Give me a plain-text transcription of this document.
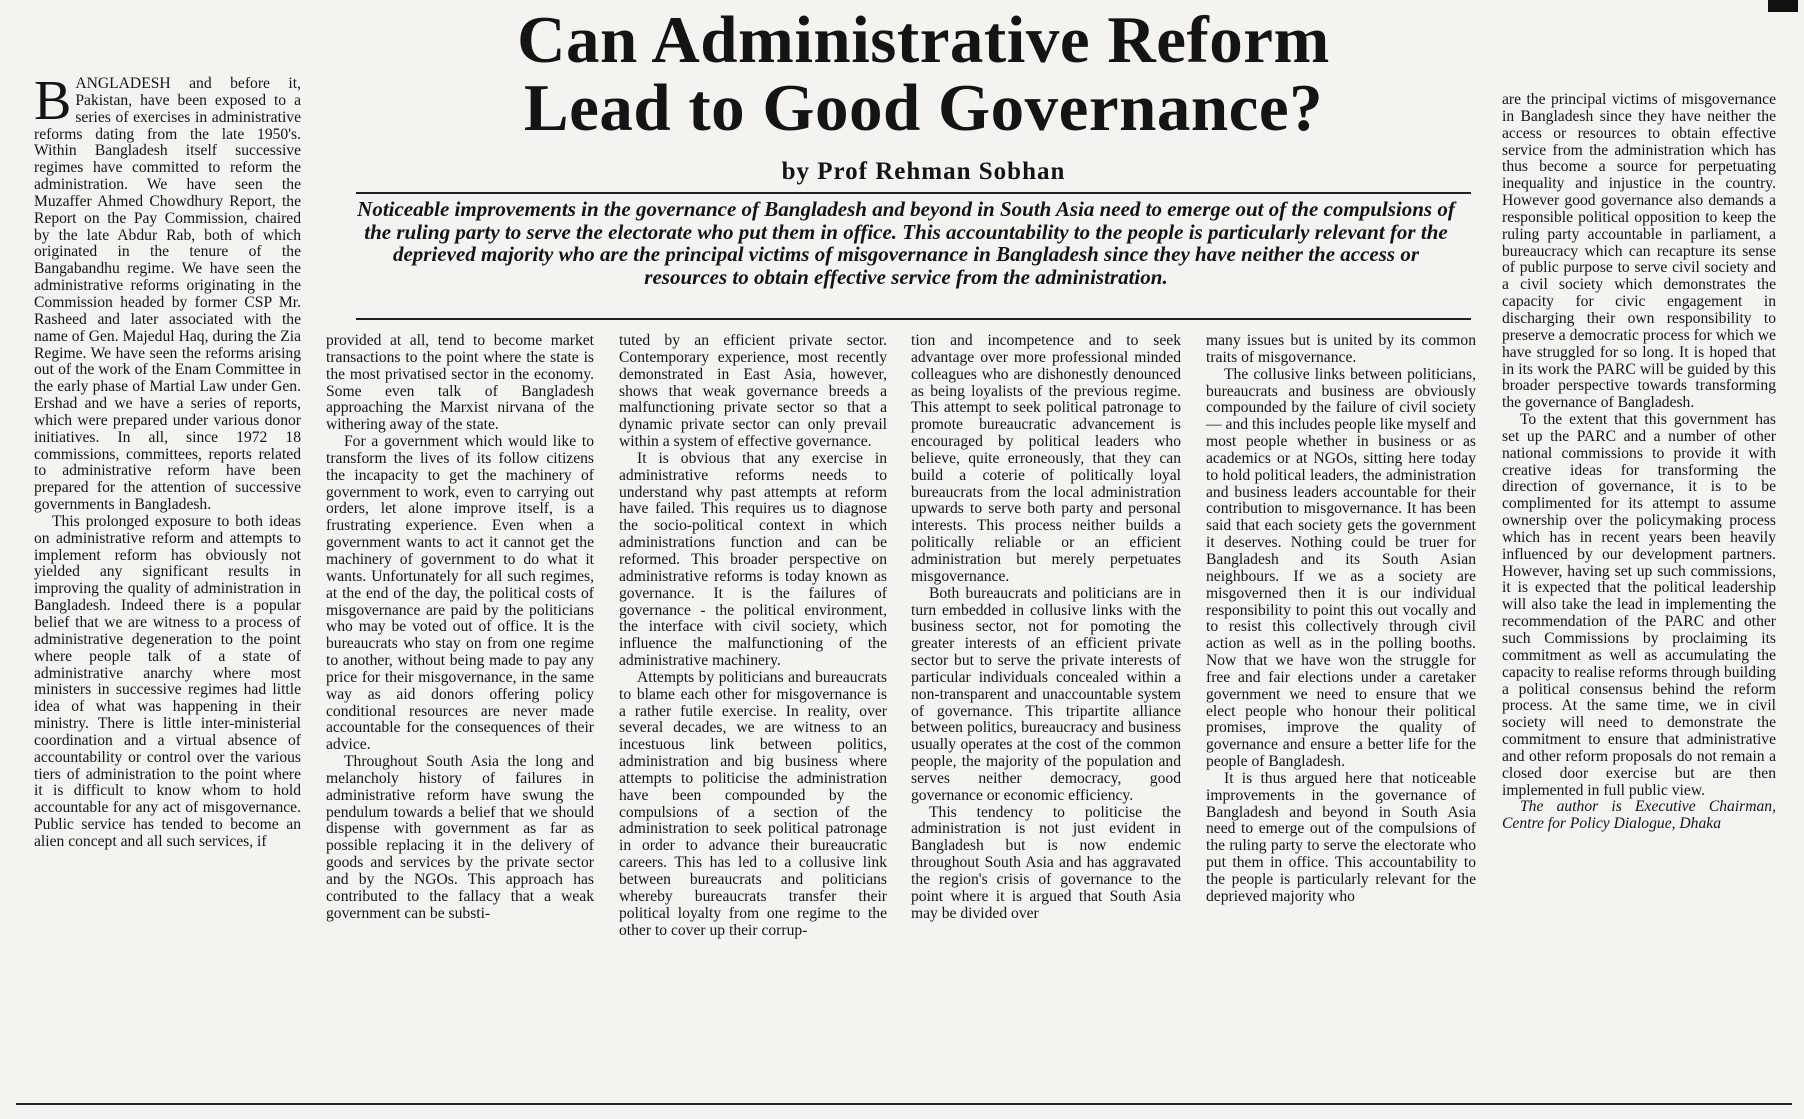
Can Administrative Reform
Lead to Good Governance?
by Prof Rehman Sobhan
Noticeable improvements in the governance of Bangladesh and beyond in South Asia need to emerge out of the compulsions of the ruling party to serve the electorate who put them in office. This accountability to the people is particularly relevant for the deprieved majority who are the principal victims of misgovernance in Bangladesh since they have neither the access or resources to obtain effective service from the administration.

BANGLADESH and before it, Pakistan, have been exposed to a series of exercises in administrative reforms dating from the late 1950's. Within Bangladesh itself successive regimes have committed to reform the administration. We have seen the Muzaffer Ahmed Chowdhury Report, the Report on the Pay Commission, chaired by the late Abdur Rab, both of which originated in the tenure of the Bangabandhu regime. We have seen the administrative reforms originating in the Commission headed by former CSP Mr. Rasheed and later associated with the name of Gen. Majedul Haq, during the Zia Regime. We have seen the reforms arising out of the work of the Enam Committee in the early phase of Martial Law under Gen. Ershad and we have a series of reports, which were prepared under various donor initiatives. In all, since 1972 18 commissions, committees, reports related to administrative reform have been prepared for the attention of successive governments in Bangladesh.

This prolonged exposure to both ideas on administrative reform and attempts to implement reform has obviously not yielded any significant results in improving the quality of administration in Bangladesh. Indeed there is a popular belief that we are witness to a process of administrative degeneration to the point where people talk of a state of administrative anarchy where most ministers in successive regimes had little idea of what was happening in their ministry. There is little inter-ministerial coordination and a virtual absence of accountability or control over the various tiers of administration to the point where it is difficult to know whom to hold accountable for any act of misgovernance. Public service has tended to become an alien concept and all such services, if

provided at all, tend to become market transactions to the point where the state is the most privatised sector in the economy. Some even talk of Bangladesh approaching the Marxist nirvana of the withering away of the state.

For a government which would like to transform the lives of its follow citizens the incapacity to get the machinery of government to work, even to carrying out orders, let alone improve itself, is a frustrating experience. Even when a government wants to act it cannot get the machinery of government to do what it wants. Unfortunately for all such regimes, at the end of the day, the political costs of misgovernance are paid by the politicians who may be voted out of office. It is the bureaucrats who stay on from one regime to another, without being made to pay any price for their misgovernance, in the same way as aid donors offering policy conditional resources are never made accountable for the consequences of their advice.

Throughout South Asia the long and melancholy history of failures in administrative reform have swung the pendulum towards a belief that we should dispense with government as far as possible replacing it in the delivery of goods and services by the private sector and by the NGOs. This approach has contributed to the fallacy that a weak government can be substi-

tuted by an efficient private sector. Contemporary experience, most recently demonstrated in East Asia, however, shows that weak governance breeds a malfunctioning private sector so that a dynamic private sector can only prevail within a system of effective governance.

It is obvious that any exercise in administrative reforms needs to understand why past attempts at reform have failed. This requires us to diagnose the socio-political context in which administrations function and can be reformed. This broader perspective on administrative reforms is today known as governance. It is the failures of governance - the political environment, the interface with civil society, which influence the malfunctioning of the administrative machinery.

Attempts by politicians and bureaucrats to blame each other for misgovernance is a rather futile exercise. In reality, over several decades, we are witness to an incestuous link between politics, administration and big business where attempts to politicise the administration have been compounded by the compulsions of a section of the administration to seek political patronage in order to advance their bureaucratic careers. This has led to a collusive link between bureaucrats and politicians whereby bureaucrats transfer their political loyalty from one regime to the other to cover up their corrup-

tion and incompetence and to seek advantage over more professional minded colleagues who are dishonestly denounced as being loyalists of the previous regime. This attempt to seek political patronage to promote bureaucratic advancement is encouraged by political leaders who believe, quite erroneously, that they can build a coterie of politically loyal bureaucrats from the local administration upwards to serve both party and personal interests. This process neither builds a politically reliable or an efficient administration but merely perpetuates misgovernance.

Both bureaucrats and politicians are in turn embedded in collusive links with the business sector, not for pomoting the greater interests of an efficient private sector but to serve the private interests of particular individuals concealed within a non-transparent and unaccountable system of governance. This tripartite alliance between politics, bureaucracy and business usually operates at the cost of the common people, the majority of the population and serves neither democracy, good governance or economic efficiency.

This tendency to politicise the administration is not just evident in Bangladesh but is now endemic throughout South Asia and has aggravated the region's crisis of governance to the point where it is argued that South Asia may be divided over

many issues but is united by its common traits of misgovernance.

The collusive links between politicians, bureaucrats and business are obviously compounded by the failure of civil society — and this includes people like myself and most people whether in business or as academics or at NGOs, sitting here today to hold political leaders, the administration and business leaders accountable for their contribution to misgovernance. It has been said that each society gets the government it deserves. Nothing could be truer for Bangladesh and its South Asian neighbours. If we as a society are misgoverned then it is our individual responsibility to point this out vocally and to resist this collectively through civil action as well as in the polling booths. Now that we have won the struggle for free and fair elections under a caretaker government we need to ensure that we elect people who honour their political promises, improve the quality of governance and ensure a better life for the people of Bangladesh.

It is thus argued here that noticeable improvements in the governance of Bangladesh and beyond in South Asia need to emerge out of the compulsions of the ruling party to serve the electorate who put them in office. This accountability to the people is particularly relevant for the deprieved majority who

are the principal victims of misgovernance in Bangladesh since they have neither the access or resources to obtain effective service from the administration which has thus become a source for perpetuating inequality and injustice in the country. However good governance also demands a responsible political opposition to keep the ruling party accountable in parliament, a bureaucracy which can recapture its sense of public purpose to serve civil society and a civil society which demonstrates the capacity for civic engagement in discharging their own responsibility to preserve a democratic process for which we have struggled for so long. It is hoped that in its work the PARC will be guided by this broader perspective towards transforming the governance of Bangladesh.

To the extent that this government has set up the PARC and a number of other national commissions to provide it with creative ideas for transforming the direction of governance, it is to be complimented for its attempt to assume ownership over the policymaking process which has in recent years been heavily influenced by our development partners. However, having set up such commissions, it is expected that the political leadership will also take the lead in implementing the recommendation of the PARC and other such Commissions by proclaiming its commitment as well as accumulating the capacity to realise reforms through building a political consensus behind the reform process. At the same time, we in civil society will need to demonstrate the commitment to ensure that administrative and other reform proposals do not remain a closed door exercise but are then implemented in full public view.

The author is Executive Chairman, Centre for Policy Dialogue, Dhaka
